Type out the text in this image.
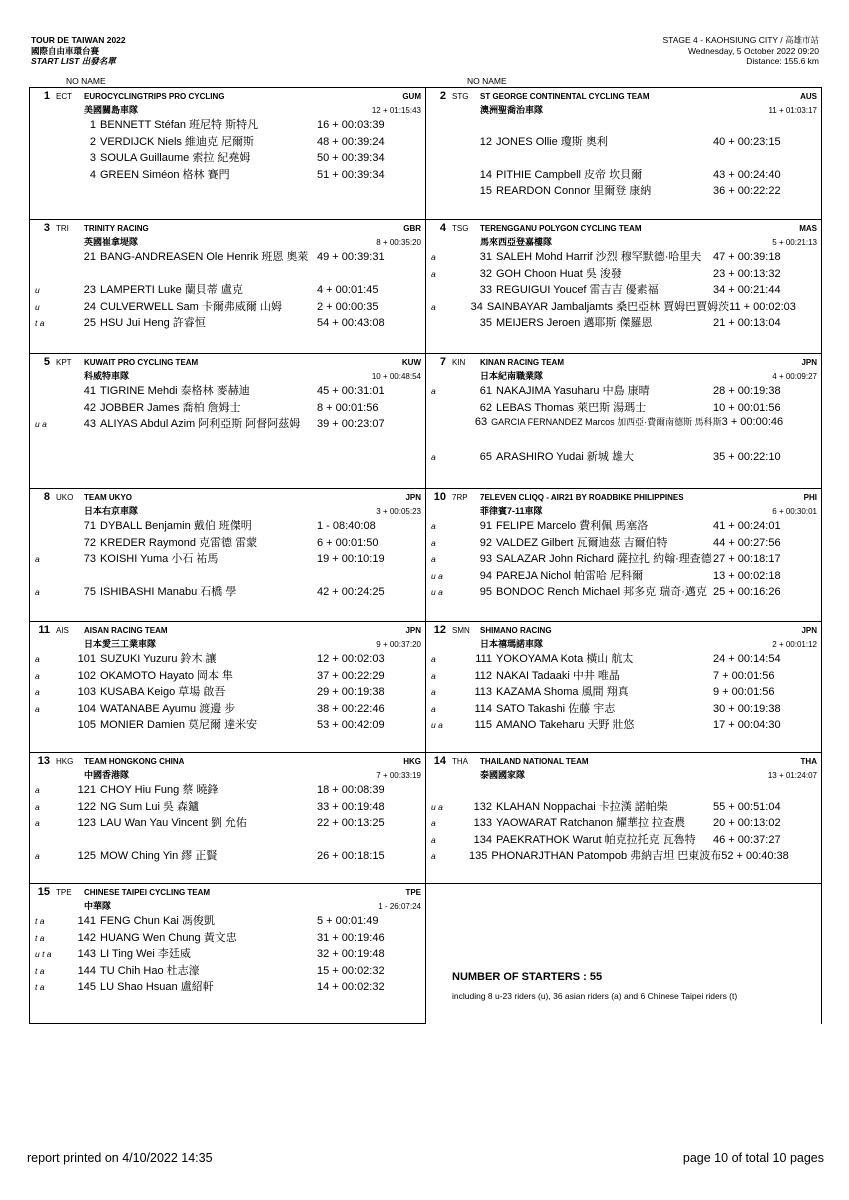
TOUR DE TAIWAN 2022
國際自由車環台賽
START LIST 出發名單
STAGE 4 - KAOHSIUNG CITY / 高雄市站
Wednesday, 5 October 2022 09:20
Distance: 155.6 km
NO NAME	NO NAME
1 ECT	EUROCYCLINGTRIPS PRO CYCLING	GUM
美國關島車隊	12 + 01:15:43
1 BENNETT Stéfan 班尼特 斯特凡	16 + 00:03:39
2 VERDIJCK Niels 維迪克 尼爾斯	48 + 00:39:24
3 SOULA Guillaume 索拉 紀堯姆	50 + 00:39:34
4 GREEN Siméon 格林 賽門	51 + 00:39:34
2 STG	ST GEORGE CONTINENTAL CYCLING TEAM	AUS
澳洲聖喬治車隊	11 + 01:03:17
12 JONES Ollie 瓊斯 奧利	40 + 00:23:15
14 PITHIE Campbell 皮帝 坎貝爾	43 + 00:24:40
15 REARDON Connor 里爾登 康納	36 + 00:22:22
3 TRI	TRINITY RACING	GBR
英國崔拿堤隊	8 + 00:35:20
21 BANG-ANDREASEN Ole Henrik 班恩 奧萊 49 + 00:39:31
u	23 LAMPERTI Luke 蘭貝蒂 盧克	4 + 00:01:45
u	24 CULVERWELL Sam 卡爾弗威爾 山姆	2 + 00:00:35
t a	25 HSU Jui Heng 許睿恒	54 + 00:43:08
4 TSG	TERENGGANU POLYGON CYCLING TEAM	MAS
馬來西亞登嘉樓隊	5 + 00:21:13
a	31 SALEH Mohd Harrif 沙烈 穆罕默德·哈里夫	47 + 00:39:18
a	32 GOH Choon Huat 吳 浚發	23 + 00:13:32
33 REGUIGUI Youcef 雷吉吉 優素福	34 + 00:21:44
a	34 SAINBAYAR Jambaljamts 桑巴亞林 賈姆巴賈姆茨 11 + 00:02:03
35 MEIJERS Jeroen 邁耶斯 傑羅恩	21 + 00:13:04
5 KPT	KUWAIT PRO CYCLING TEAM	KUW
科威特車隊	10 + 00:48:54
41 TIGRINE Mehdi 泰格林 麥赫迪	45 + 00:31:01
42 JOBBER James 喬柏 詹姆士	8 + 00:01:56
u a	43 ALIYAS Abdul Azim 阿利亞斯 阿督阿茲姆	39 + 00:23:07
7 KIN	KINAN RACING TEAM	JPN
日本紀南職業隊	4 + 00:09:27
a	61 NAKAJIMA Yasuharu 中島 康晴	28 + 00:19:38
62 LEBAS Thomas 萊巴斯 湯瑪士	10 + 00:01:56
63 GARCIA FERNANDEZ Marcos 加西亞·費爾南德斯 馬科斯 3 + 00:00:46
a	65 ARASHIRO Yudai 新城 雄大	35 + 00:22:10
8 UKO	TEAM UKYO	JPN
日本右京車隊	3 + 00:05:23
71 DYBALL Benjamin 戴伯 班傑明	1 - 08:40:08
72 KREDER Raymond 克雷德 雷蒙	6 + 00:01:50
a	73 KOISHI Yuma 小石 祐馬	19 + 00:10:19
a	75 ISHIBASHI Manabu 石橋 學	42 + 00:24:25
10 7RP	7ELEVEN CLIQQ - AIR21 BY ROADBIKE PHILIPPINES	PHI
菲律賓7-11車隊	6 + 00:30:01
a	91 FELIPE Marcelo 費利佩 馬塞洛	41 + 00:24:01
a	92 VALDEZ Gilbert 瓦爾迪茲 吉爾伯特	44 + 00:27:56
a	93 SALAZAR John Richard 薩拉扎 約翰·理查德 27 + 00:18:17
u a	94 PAREJA Nichol 帕雷哈 尼科爾	13 + 00:02:18
u a	95 BONDOC Rench Michael 邦多克 瑞奇·邁克 25 + 00:16:26
11 AIS	AISAN RACING TEAM	JPN
日本愛三工業車隊	9 + 00:37:20
a	101 SUZUKI Yuzuru 鈴木 讓	12 + 00:02:03
a	102 OKAMOTO Hayato 岡本 隼	37 + 00:22:29
a	103 KUSABA Keigo 草場 啟吾	29 + 00:19:38
a	104 WATANABE Ayumu 渡邊 步	38 + 00:22:46
105 MONIER Damien 莫尼爾 達米安	53 + 00:42:09
12 SMN	SHIMANO RACING	JPN
日本禧瑪諾車隊	2 + 00:01:12
a	111 YOKOYAMA Kota 橫山 航太	24 + 00:14:54
a	112 NAKAI Tadaaki 中井 唯晶	7 + 00:01:56
a	113 KAZAMA Shoma 風間 翔真	9 + 00:01:56
a	114 SATO Takashi 佐藤 宇志	30 + 00:19:38
u a	115 AMANO Takeharu 天野 壯悠	17 + 00:04:30
13 HKG	TEAM HONGKONG CHINA	HKG
中國香港隊	7 + 00:33:19
a	121 CHOY Hiu Fung 蔡 曉鋒	18 + 00:08:39
a	122 NG Sum Lui 吳 森鑪	33 + 00:19:48
a	123 LAU Wan Yau Vincent 劉 允佑	22 + 00:13:25
a	125 MOW Ching Yin 繆 正賢	26 + 00:18:15
14 THA	THAILAND NATIONAL TEAM	THA
泰國國家隊	13 + 01:24:07
u a	132 KLAHAN Noppachai 卡拉漢 諾帕柴	55 + 00:51:04
a	133 YAOWARAT Ratchanon 耀華拉 拉查農	20 + 00:13:02
a	134 PAEKRATHOK Warut 帕克拉托克 瓦魯特	46 + 00:37:27
a	135 PHONARJTHAN Patompob 弗納吉坦 巴東波布 52 + 00:40:38
15 TPE	CHINESE TAIPEI CYCLING TEAM	TPE
中華隊	1 - 26:07:24
t a	141 FENG Chun Kai 馮俊凱	5 + 00:01:49
t a	142 HUANG Wen Chung 黃文忠	31 + 00:19:46
u t a	143 LI Ting Wei 李廷威	32 + 00:19:48
t a	144 TU Chih Hao 杜志濠	15 + 00:02:32
t a	145 LU Shao Hsuan 盧紹軒	14 + 00:02:32
NUMBER OF STARTERS : 55
including 8 u-23 riders (u), 36 asian riders (a) and 6 Chinese Taipei riders (t)
report printed on 4/10/2022 14:35	page 10 of total 10 pages
